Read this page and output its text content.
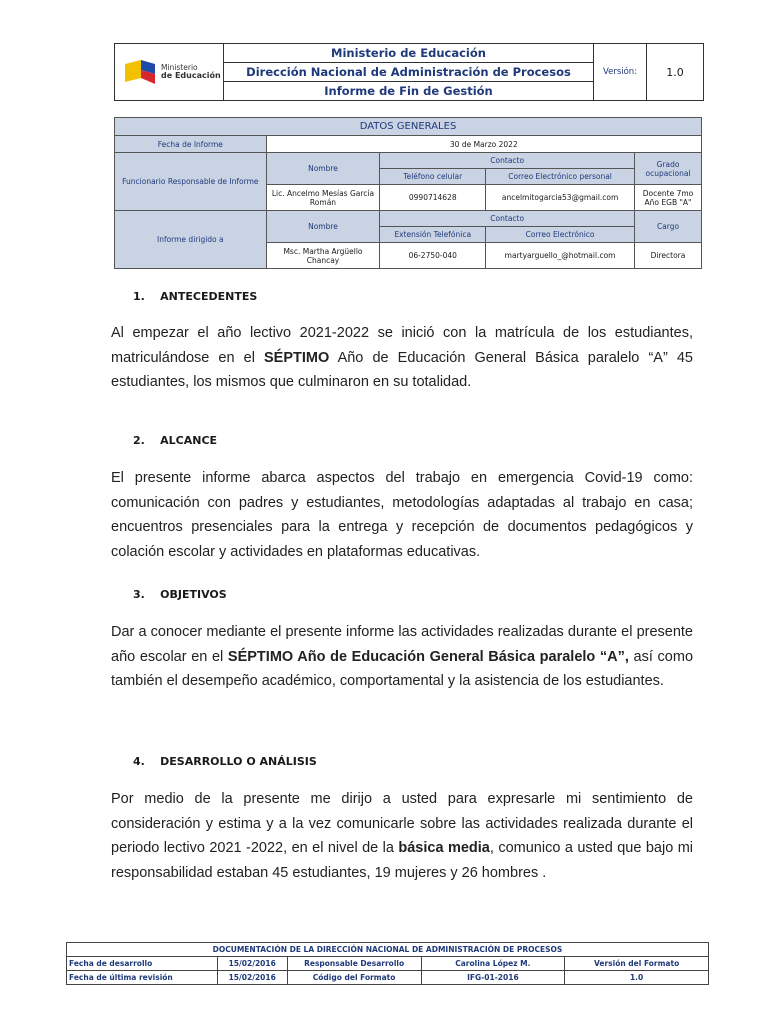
Ministerio
de Educación
	Ministerio de Educación	Versión:	1.0
Dirección Nacional de Administración de Procesos
Informe de Fin de Gestión
DATOS GENERALES				
Fecha de Informe	30 de Marzo 2022			
Funcionario Responsable de Informe	Nombre	Contacto		Grado ocupacional
		Teléfono celular	Correo Electrónico personal	
	Lic. Ancelmo Mesías García Román	0990714628	ancelmitogarcia53@gmail.com	Docente 7mo Año EGB "A"
Informe dirigido a	Nombre	Contacto		Cargo
		Extensión Telefónica	Correo Electrónico	
	Msc. Martha Argüello Chancay	06-2750-040	martyarguello_@hotmail.com	Directora
1.    ANTECEDENTES
Al empezar el año lectivo 2021-2022 se inició con la matrícula de los estudiantes, matriculándose en el SÉPTIMO Año de Educación General Básica paralelo “A” 45 estudiantes, los mismos que culminaron en su totalidad.
2.    ALCANCE
El presente informe abarca aspectos del trabajo en emergencia Covid-19 como: comunicación con padres y estudiantes, metodologías adaptadas al trabajo en casa; encuentros presenciales para la entrega y recepción de documentos pedagógicos y colación escolar y actividades en plataformas educativas.
3.    OBJETIVOS
Dar a conocer mediante el presente informe las actividades realizadas durante el presente año escolar en el SÉPTIMO Año de Educación General Básica paralelo “A”, así como también el desempeño académico, comportamental y la asistencia de los estudiantes.
4.    DESARROLLO O ANÁLISIS
Por medio de la presente me dirijo a usted para expresarle mi sentimiento de consideración y estima y a la vez comunicarle sobre las actividades realizada durante el periodo lectivo 2021 -2022, en el nivel de la básica media, comunico a usted que bajo mi responsabilidad estaban 45 estudiantes, 19 mujeres y 26 hombres .
DOCUMENTACIÓN DE LA DIRECCIÓN NACIONAL DE ADMINISTRACIÓN DE PROCESOS				
Fecha de desarrollo	15/02/2016	Responsable Desarrollo	Carolina López M.	Versión del Formato
Fecha de última revisión	15/02/2016	Código del Formato	IFG-01-2016	1.0
